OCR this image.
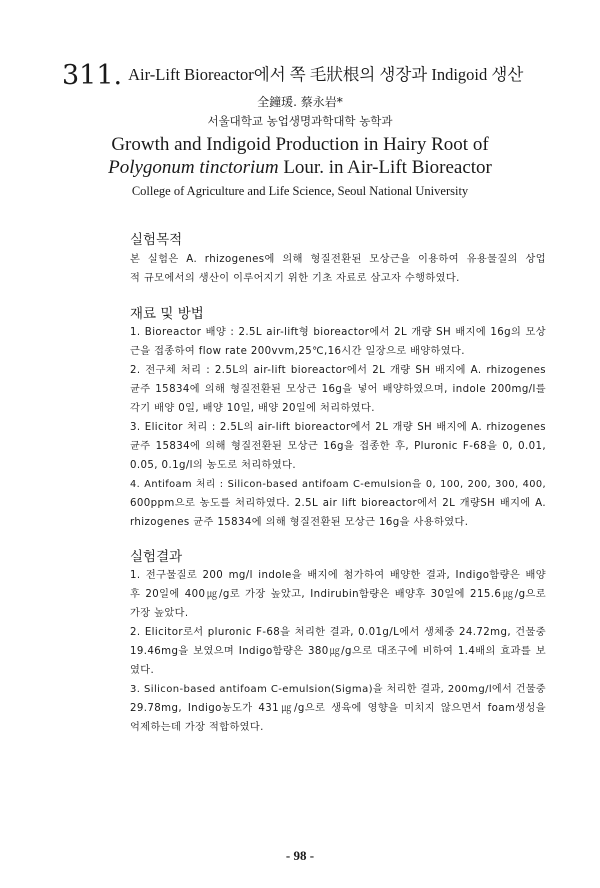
311. Air-Lift Bioreactor에서 쪽 毛狀根의 생장과 Indigoid 생산
全鐘瑗. 蔡永岩*
서울대학교 농업생명과학대학 농학과
Growth and Indigoid Production in Hairy Root of
Polygonum tinctorium Lour. in Air-Lift Bioreactor
College of Agriculture and Life Science, Seoul National University
실험목적
본 실험은 A. rhizogenes에 의해 형질전환된 모상근을 이용하여 유용물질의 상업
적 규모에서의 생산이 이루어지기 위한 기초 자료로 삼고자 수행하였다.
재료 및 방법
1. Bioreactor 배양 : 2.5L air-lift형 bioreactor에서 2L 개량 SH 배지에 16g의 모상
근을 접종하여 flow rate 200vvm,25℃,16시간 일장으로 배양하였다.
2. 전구체 처리 : 2.5L의 air-lift bioreactor에서 2L 개량 SH 배지에 A. rhizogenes
균주 15834에 의해 형질전환된 모상근 16g을 넣어 배양하였으며, indole 200mg/l를
각기 배양 0일, 배양 10일, 배양 20일에 처리하였다.
3. Elicitor 처리 : 2.5L의 air-lift bioreactor에서 2L 개량 SH 배지에 A. rhizogenes
균주 15834에 의해 형질전환된 모상근 16g을 접종한 후, Pluronic F-68을 0, 0.01,
0.05, 0.1g/l의 농도로 처리하였다.
4. Antifoam 처리 : Silicon-based antifoam C-emulsion을 0, 100, 200, 300, 400,
600ppm으로 농도를 처리하였다. 2.5L air lift bioreactor에서 2L 개량SH 배지에 A.
rhizogenes 균주 15834에 의해 형질전환된 모상근 16g을 사용하였다.
실험결과
1. 전구물질로 200 mg/l indole을 배지에 첨가하여 배양한 결과, Indigo함량은 배양
후 20일에 400㎍/g로 가장 높았고, Indirubin함량은 배양후 30일에 215.6㎍/g으로
가장 높았다.
2. Elicitor로서 pluronic F-68을 처리한 결과, 0.01g/L에서 생체중 24.72mg, 건물중
19.46mg을 보였으며 Indigo함량은 380㎍/g으로 대조구에 비하여 1.4배의 효과를 보
였다.
3. Silicon-based antifoam C-emulsion(Sigma)을 처리한 결과, 200mg/l에서 건물중
29.78mg, Indigo농도가 431㎍/g으로 생육에 영향을 미치지 않으면서 foam생성을
억제하는데 가장 적합하였다.
- 98 -
